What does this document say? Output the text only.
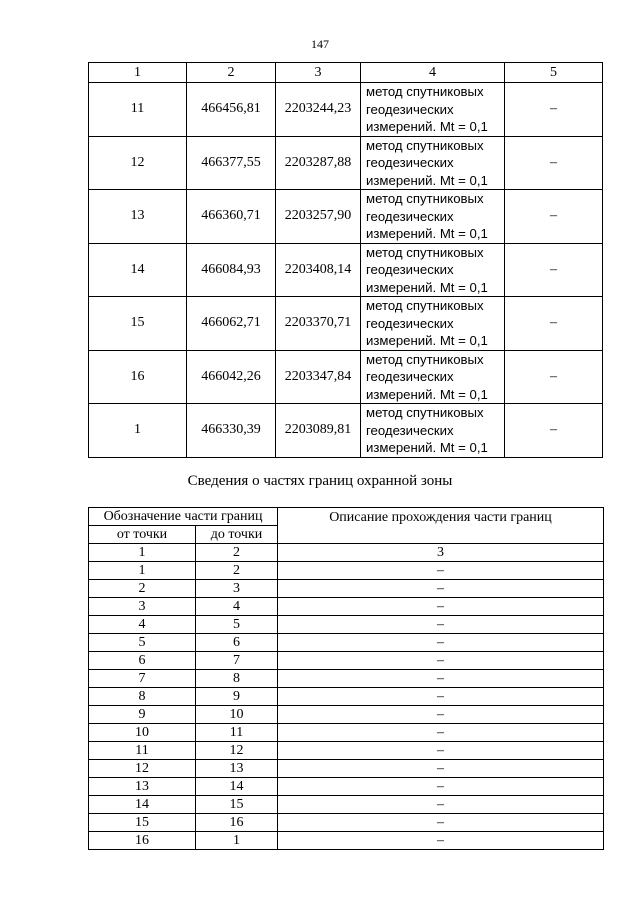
147
1	2	3	4	5
11	466456,81	2203244,23	метод спутниковых
геодезических
измерений. Mt = 0,1	–
12	466377,55	2203287,88	метод спутниковых
геодезических
измерений. Mt = 0,1	–
13	466360,71	2203257,90	метод спутниковых
геодезических
измерений. Mt = 0,1	–
14	466084,93	2203408,14	метод спутниковых
геодезических
измерений. Mt = 0,1	–
15	466062,71	2203370,71	метод спутниковых
геодезических
измерений. Mt = 0,1	–
16	466042,26	2203347,84	метод спутниковых
геодезических
измерений. Mt = 0,1	–
1	466330,39	2203089,81	метод спутниковых
геодезических
измерений. Mt = 0,1	–
Сведения о частях границ охранной зоны
Обозначение части границ		Описание прохождения части границ
от точки	до точки	
1	2	3
1	2	–
2	3	–
3	4	–
4	5	–
5	6	–
6	7	–
7	8	–
8	9	–
9	10	–
10	11	–
11	12	–
12	13	–
13	14	–
14	15	–
15	16	–
16	1	–
